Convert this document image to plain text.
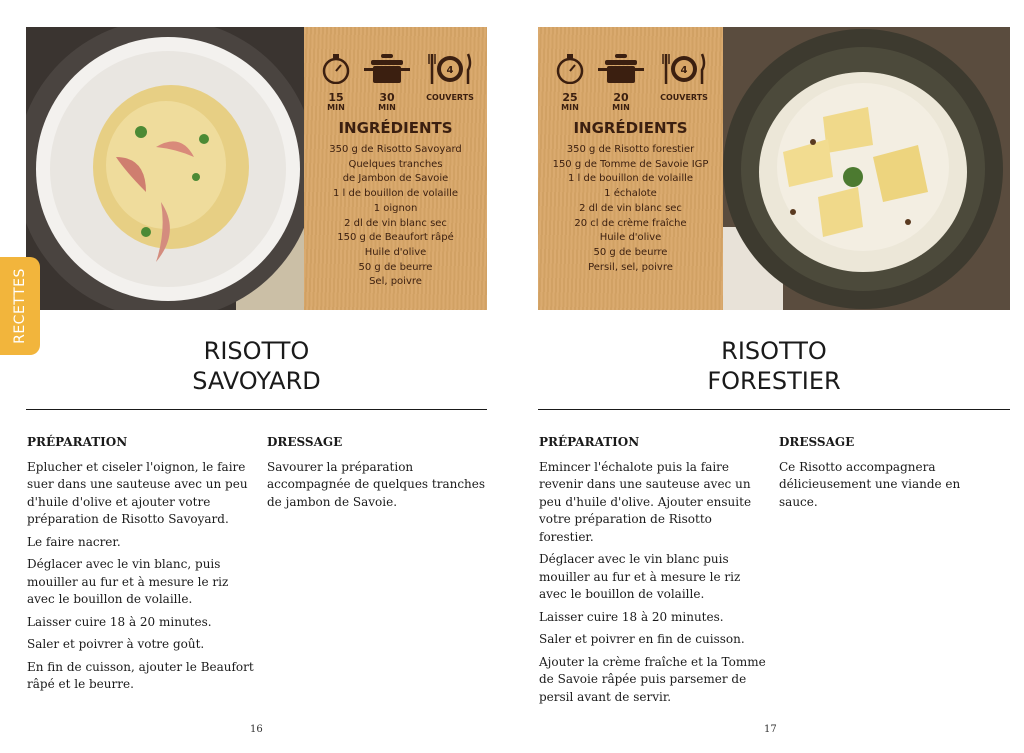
15
MIN
30
MIN
4
COUVERTS
INGRÉDIENTS
350 g de Risotto Savoyard
Quelques tranches
de Jambon de Savoie
1 l de bouillon de volaille
1 oignon
2 dl de vin blanc sec
150 g de Beaufort râpé
Huile d'olive
50 g de beurre
Sel, poivre
RECETTES
RISOTTO
SAVOYARD
PRÉPARATION

Eplucher et ciseler l'oignon, le faire suer dans une sauteuse avec un peu d'huile d'olive et ajouter votre préparation de Risotto Savoyard.

Le faire nacrer.

Déglacer avec le vin blanc, puis mouiller au fur et à mesure le riz avec le bouillon de volaille.

Laisser cuire 18 à 20 minutes.

Saler et poivrer à votre goût.

En fin de cuisson, ajouter le Beaufort râpé et le beurre.

DRESSAGE

Savourer la préparation accompagnée de quelques tranches de jambon de Savoie.

16
25
MIN
20
MIN
4
COUVERTS
INGRÉDIENTS
350 g de Risotto forestier
150 g de Tomme de Savoie IGP
1 l de bouillon de volaille
1 échalote
2 dl de vin blanc sec
20 cl de crème fraîche
Huile d'olive
50 g de beurre
Persil, sel, poivre
RISOTTO
FORESTIER
PRÉPARATION

Emincer l'échalote puis la faire revenir dans une sauteuse avec un peu d'huile d'olive. Ajouter ensuite votre préparation de Risotto forestier.

Déglacer avec le vin blanc puis mouiller au fur et à mesure le riz avec le bouillon de volaille.

Laisser cuire 18 à 20 minutes.

Saler et poivrer en fin de cuisson.

Ajouter la crème fraîche et la Tomme de Savoie râpée puis parsemer de persil avant de servir.

DRESSAGE

Ce Risotto accompagnera délicieusement une viande en sauce.

17
